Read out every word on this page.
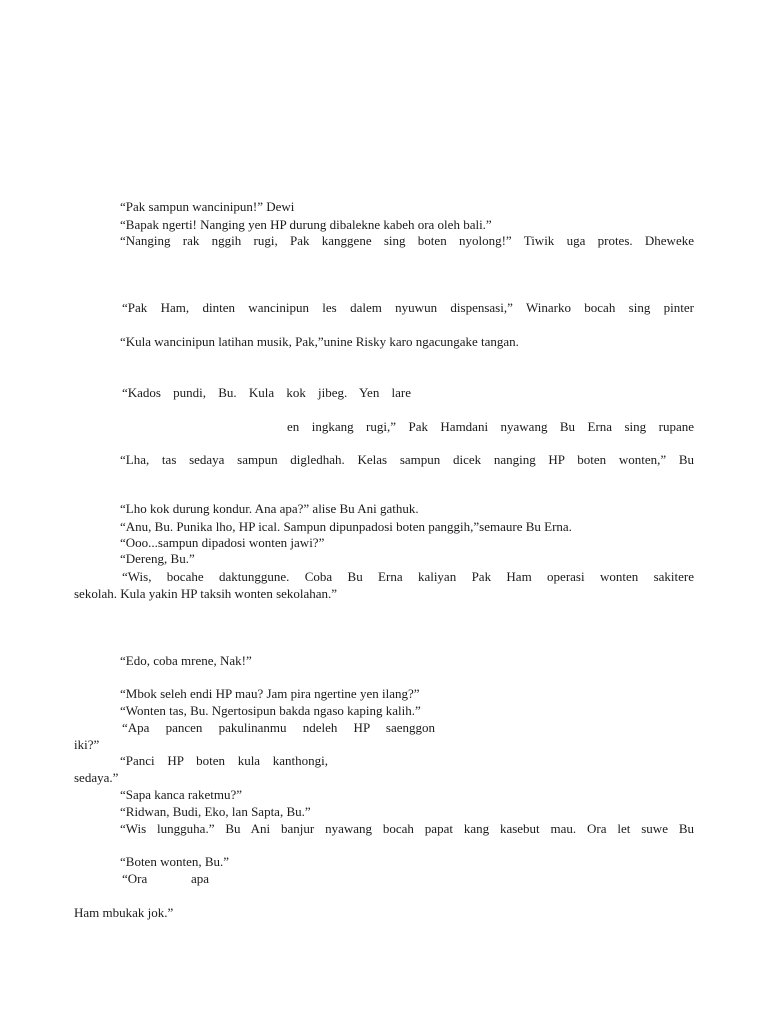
“Pak sampun wancinipun!” Dewi
“Bapak ngerti! Nanging yen HP durung dibalekne kabeh ora oleh bali.”
“Nanging rak nggih rugi, Pak kanggene sing boten nyolong!” Tiwik uga protes. Dheweke
“Pak Ham, dinten wancinipun les dalem nyuwun dispensasi,” Winarko bocah sing pinter
“Kula wancinipun latihan musik, Pak,”unine Risky karo ngacungake tangan.
“Kados pundi, Bu. Kula kok jibeg. Yen lare
en ingkang rugi,” Pak Hamdani nyawang Bu Erna sing rupane
“Lha, tas sedaya sampun digledhah. Kelas sampun dicek nanging HP boten wonten,” Bu
“Lho kok durung kondur. Ana apa?” alise Bu Ani gathuk.
“Anu, Bu. Punika lho, HP ical. Sampun dipunpadosi boten panggih,”semaure Bu Erna.
“Ooo...sampun dipadosi wonten jawi?”
“Dereng, Bu.”
“Wis, bocahe daktunggune. Coba Bu Erna kaliyan Pak Ham operasi wonten sakitere
sekolah. Kula yakin HP taksih wonten sekolahan.”
“Edo, coba mrene, Nak!”
“Mbok seleh endi HP mau? Jam pira ngertine yen ilang?”
“Wonten tas, Bu. Ngertosipun bakda ngaso kaping kalih.”
“Apa pancen pakulinanmu ndeleh HP saenggon
iki?”
“Panci HP boten kula kanthongi,
sedaya.”
“Sapa kanca raketmu?”
“Ridwan, Budi, Eko, lan Sapta, Bu.”
“Wis lungguha.” Bu Ani banjur nyawang bocah papat kang kasebut mau. Ora let suwe Bu
“Boten wonten, Bu.”
“Ora apa
Ham mbukak jok.”
